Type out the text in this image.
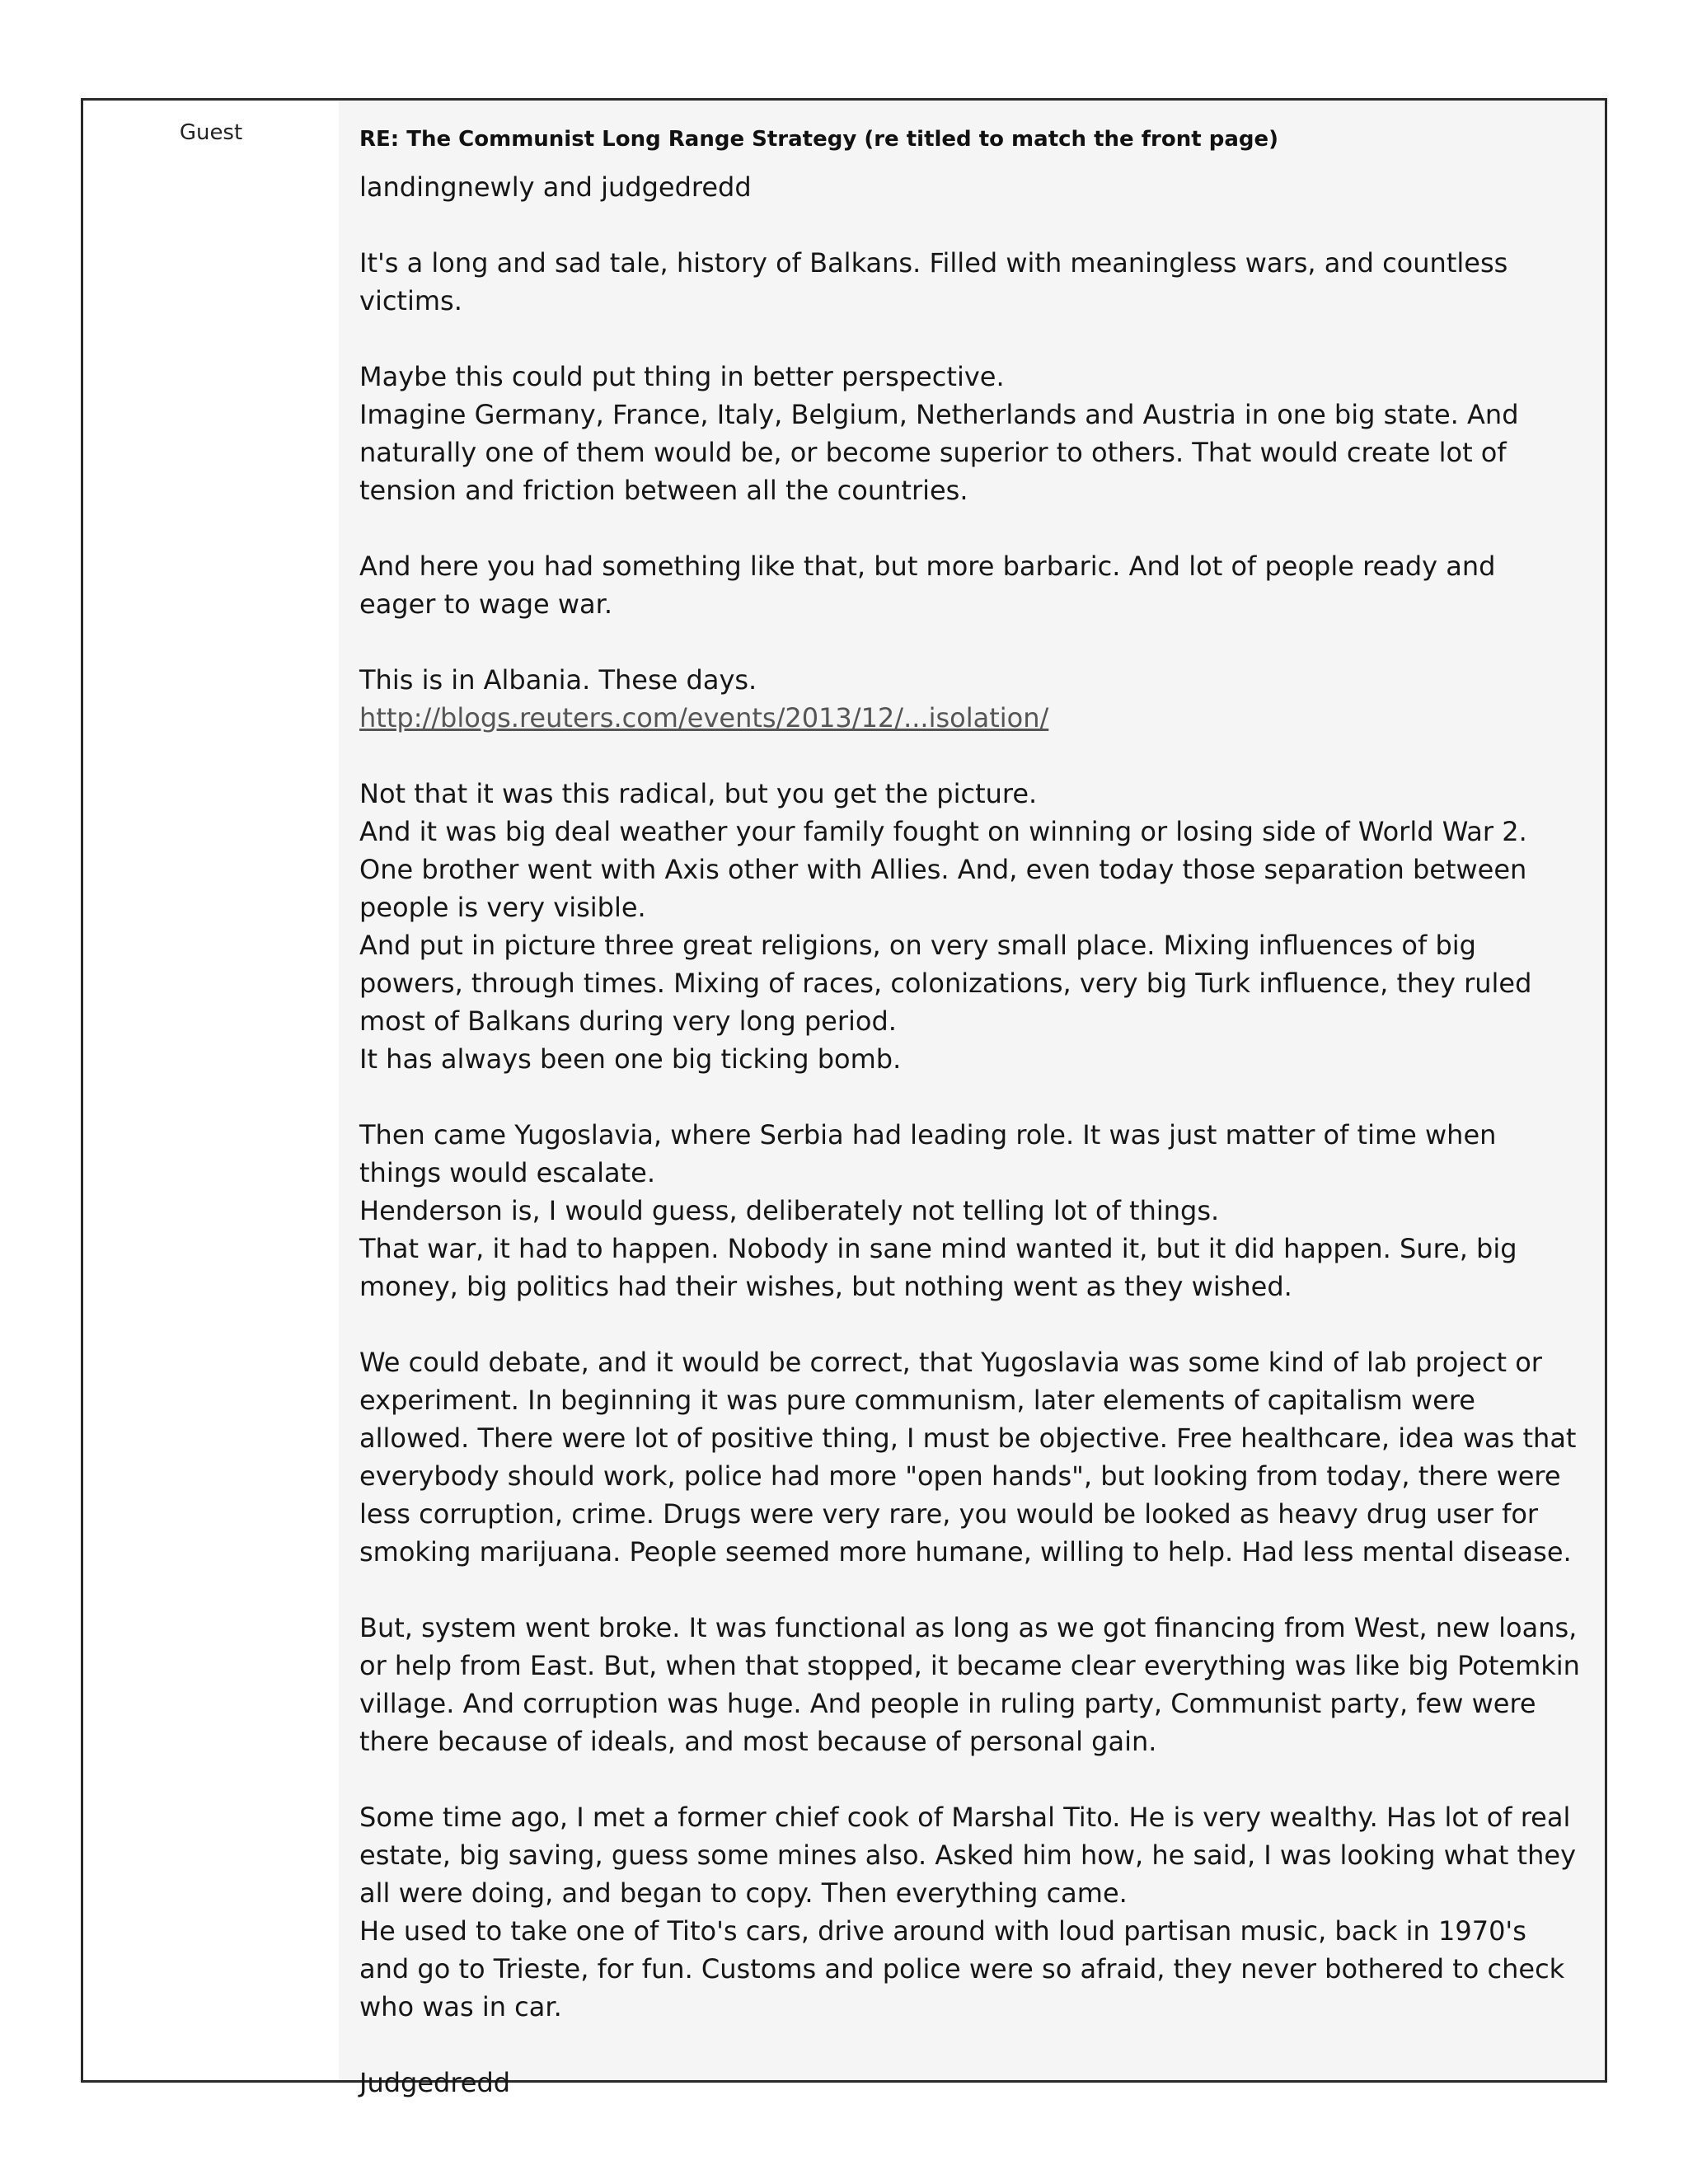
Guest	RE: The Communist Long Range Strategy (re titled to match the front page)

landingnewly and judgedredd

It's a long and sad tale, history of Balkans. Filled with meaningless wars, and countless victims.

Maybe this could put thing in better perspective.

Imagine Germany, France, Italy, Belgium, Netherlands and Austria in one big state. And naturally one of them would be, or become superior to others. That would create lot of tension and friction between all the countries.

And here you had something like that, but more barbaric. And lot of people ready and eager to wage war.

This is in Albania. These days.

http://blogs.reuters.com/events/2013/12/...isolation/

Not that it was this radical, but you get the picture.

And it was big deal weather your family fought on winning or losing side of World War 2. One brother went with Axis other with Allies. And, even today those separation between people is very visible.

And put in picture three great religions, on very small place. Mixing influences of big powers, through times. Mixing of races, colonizations, very big Turk influence, they ruled most of Balkans during very long period.

It has always been one big ticking bomb.

Then came Yugoslavia, where Serbia had leading role. It was just matter of time when things would escalate.

Henderson is, I would guess, deliberately not telling lot of things.

That war, it had to happen. Nobody in sane mind wanted it, but it did happen. Sure, big money, big politics had their wishes, but nothing went as they wished.

We could debate, and it would be correct, that Yugoslavia was some kind of lab project or experiment. In beginning it was pure communism, later elements of capitalism were allowed. There were lot of positive thing, I must be objective. Free healthcare, idea was that everybody should work, police had more "open hands", but looking from today, there were less corruption, crime. Drugs were very rare, you would be looked as heavy drug user for smoking marijuana. People seemed more humane, willing to help. Had less mental disease.

But, system went broke. It was functional as long as we got financing from West, new loans, or help from East. But, when that stopped, it became clear everything was like big Potemkin village. And corruption was huge. And people in ruling party, Communist party, few were there because of ideals, and most because of personal gain.

Some time ago, I met a former chief cook of Marshal Tito. He is very wealthy. Has lot of real estate, big saving, guess some mines also. Asked him how, he said, I was looking what they all were doing, and began to copy. Then everything came.

He used to take one of Tito's cars, drive around with loud partisan music, back in 1970's and go to Trieste, for fun. Customs and police were so afraid, they never bothered to check who was in car.

Judgedredd
